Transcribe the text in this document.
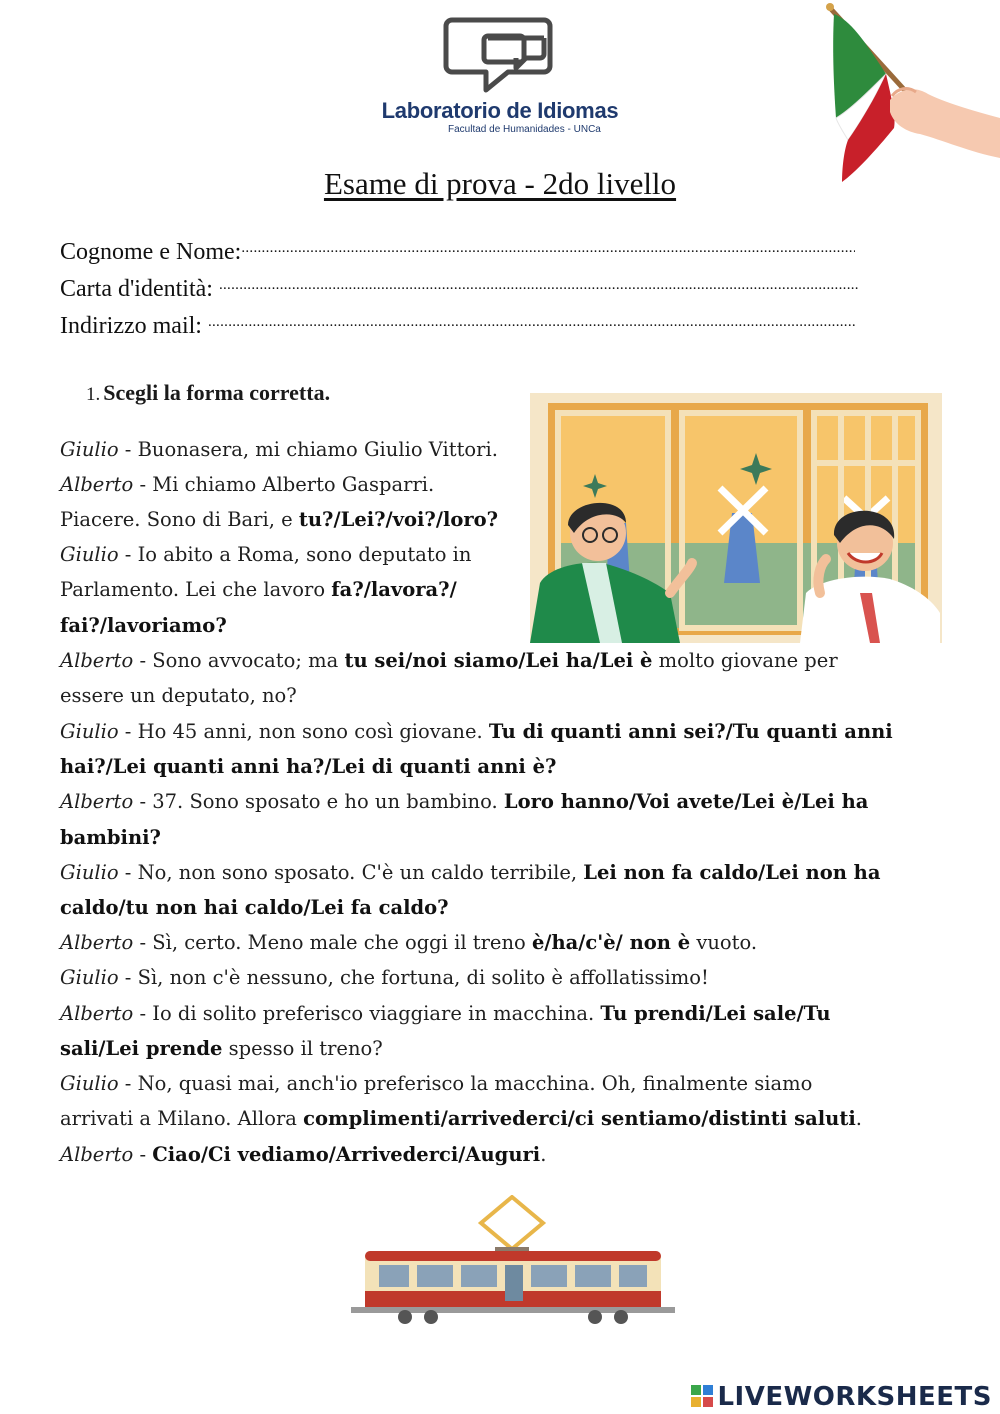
Laboratorio de Idiomas
Facultad de Humanidades - UNCa
Esame di prova - 2do livello
Cognome e Nome:.....
Carta d'identità: .....
Indirizzo mail: .....
1. Scegli la forma corretta.
Giulio - Buonasera, mi chiamo Giulio Vittori.
Alberto - Mi chiamo Alberto Gasparri.
Piacere. Sono di Bari, e tu?/Lei?/voi?/loro?
Giulio - Io abito a Roma, sono deputato in
Parlamento. Lei che lavoro fa?/lavora?/
fai?/lavoriamo?
Alberto - Sono avvocato; ma tu sei/noi siamo/Lei ha/Lei è molto giovane per
essere un deputato, no?
Giulio - Ho 45 anni, non sono così giovane. Tu di quanti anni sei?/Tu quanti anni
hai?/Lei quanti anni ha?/Lei di quanti anni è?
Alberto - 37. Sono sposato e ho un bambino. Loro hanno/Voi avete/Lei è/Lei ha
bambini?
Giulio - No, non sono sposato. C'è un caldo terribile, Lei non fa caldo/Lei non ha
caldo/tu non hai caldo/Lei fa caldo?
Alberto - Sì, certo. Meno male che oggi il treno è/ha/c'è/ non è vuoto.
Giulio - Sì, non c'è nessuno, che fortuna, di solito è affollatissimo!
Alberto - Io di solito preferisco viaggiare in macchina. Tu prendi/Lei sale/Tu
sali/Lei prende spesso il treno?
Giulio - No, quasi mai, anch'io preferisco la macchina. Oh, finalmente siamo
arrivati a Milano. Allora complimenti/arrivederci/ci sentiamo/distinti saluti.
Alberto - Ciao/Ci vediamo/Arrivederci/Auguri.
LIVEWORKSHEETS
